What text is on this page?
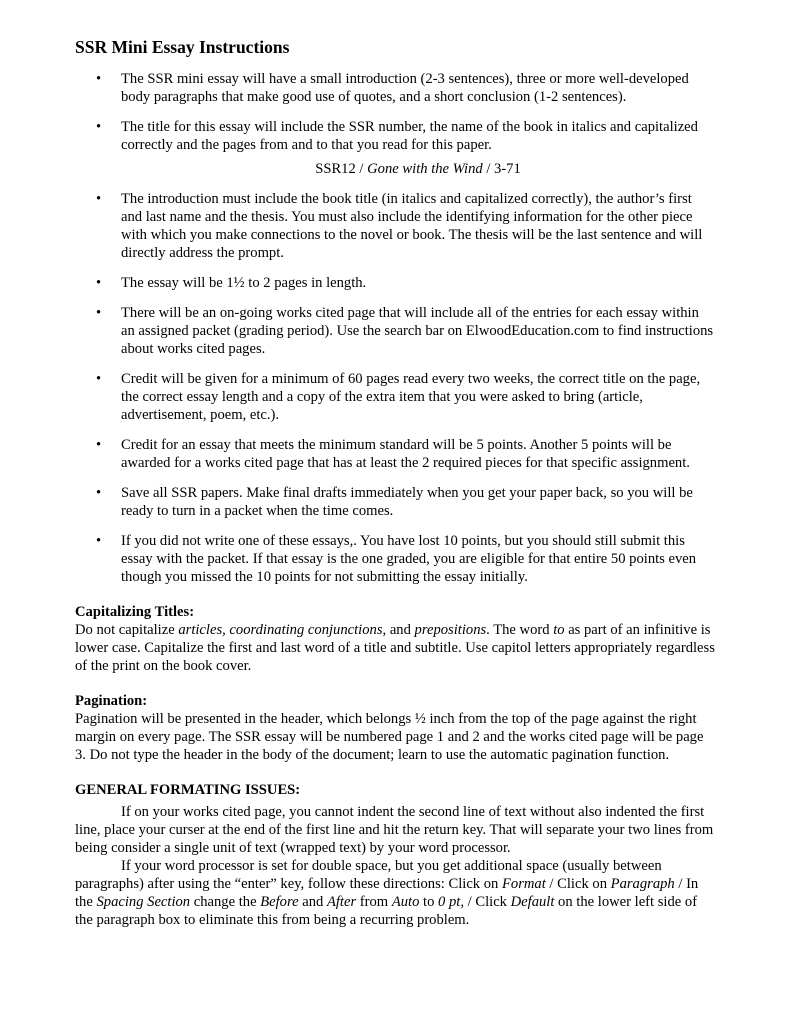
SSR Mini Essay Instructions
• The SSR mini essay will have a small introduction (2-3 sentences), three or more well-developed body paragraphs that make good use of quotes, and a short conclusion (1-2 sentences).
• The title for this essay will include the SSR number, the name of the book in italics and capitalized correctly and the pages from and to that you read for this paper.
SSR12 / Gone with the Wind / 3-71
• The introduction must include the book title (in italics and capitalized correctly), the author’s first and last name and the thesis. You must also include the identifying information for the other piece with which you make connections to the novel or book. The thesis will be the last sentence and will directly address the prompt.
• The essay will be 1½ to 2 pages in length.
• There will be an on-going works cited page that will include all of the entries for each essay within an assigned packet (grading period). Use the search bar on ElwoodEducation.com to find instructions about works cited pages.
• Credit will be given for a minimum of 60 pages read every two weeks, the correct title on the page, the correct essay length and a copy of the extra item that you were asked to bring (article, advertisement, poem, etc.).
• Credit for an essay that meets the minimum standard will be 5 points. Another 5 points will be awarded for a works cited page that has at least the 2 required pieces for that specific assignment.
• Save all SSR papers. Make final drafts immediately when you get your paper back, so you will be ready to turn in a packet when the time comes.
• If you did not write one of these essays,. You have lost 10 points, but you should still submit this essay with the packet. If that essay is the one graded, you are eligible for that entire 50 points even though you missed the 10 points for not submitting the essay initially.
Capitalizing Titles:

Do not capitalize articles, coordinating conjunctions, and prepositions. The word to as part of an infinitive is lower case. Capitalize the first and last word of a title and subtitle. Use capitol letters appropriately regardless of the print on the book cover.

Pagination:

Pagination will be presented in the header, which belongs ½ inch from the top of the page against the right margin on every page. The SSR essay will be numbered page 1 and 2 and the works cited page will be page 3. Do not type the header in the body of the document; learn to use the automatic pagination function.

GENERAL FORMATING ISSUES:

If on your works cited page, you cannot indent the second line of text without also indented the first line, place your curser at the end of the first line and hit the return key. That will separate your two lines from being consider a single unit of text (wrapped text) by your word processor.

If your word processor is set for double space, but you get additional space (usually between paragraphs) after using the “enter” key, follow these directions: Click on Format / Click on Paragraph / In the Spacing Section change the Before and After from Auto to 0 pt, / Click Default on the lower left side of the paragraph box to eliminate this from being a recurring problem.
